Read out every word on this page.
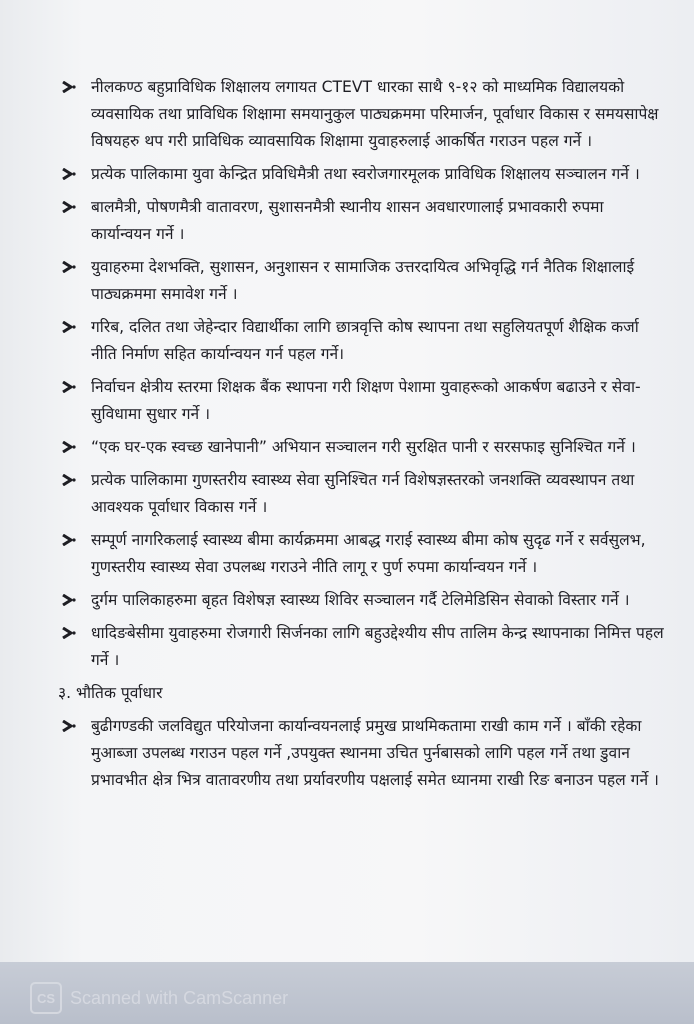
नीलकण्ठ बहुप्राविधिक शिक्षालय लगायत CTEVT धारका साथै ९-१२ को माध्यमिक विद्यालयको व्यवसायिक तथा प्राविधिक शिक्षामा समयानुकुल पाठ्यक्रममा परिमार्जन, पूर्वाधार विकास र समयसापेक्ष विषयहरु थप गरी प्राविधिक व्यावसायिक शिक्षामा युवाहरुलाई आकर्षित गराउन पहल गर्ने ।
प्रत्येक पालिकामा युवा केन्द्रित प्रविधिमैत्री तथा स्वरोजगारमूलक प्राविधिक शिक्षालय सञ्चालन गर्ने ।
बालमैत्री, पोषणमैत्री वातावरण, सुशासनमैत्री स्थानीय शासन अवधारणालाई प्रभावकारी रुपमा कार्यान्वयन गर्ने ।
युवाहरुमा देशभक्ति, सुशासन, अनुशासन र सामाजिक उत्तरदायित्व अभिवृद्धि गर्न नैतिक शिक्षालाई पाठ्यक्रममा समावेश गर्ने ।
गरिब, दलित तथा जेहेन्दार विद्यार्थीका लागि छात्रवृत्ति कोष स्थापना तथा सहुलियतपूर्ण शैक्षिक कर्जा नीति निर्माण सहित कार्यान्वयन गर्न पहल गर्ने।
निर्वाचन क्षेत्रीय स्तरमा शिक्षक बैंक स्थापना गरी शिक्षण पेशामा युवाहरूको आकर्षण बढाउने र सेवा- सुविधामा सुधार गर्ने ।
“एक घर-एक स्वच्छ खानेपानी” अभियान सञ्चालन गरी सुरक्षित पानी र सरसफाइ सुनिश्चित गर्ने ।
प्रत्येक पालिकामा गुणस्तरीय स्वास्थ्य सेवा सुनिश्चित गर्न विशेषज्ञस्तरको जनशक्ति व्यवस्थापन तथा आवश्यक पूर्वाधार विकास गर्ने ।
सम्पूर्ण नागरिकलाई स्वास्थ्य बीमा कार्यक्रममा आबद्ध गराई स्वास्थ्य बीमा कोष सुदृढ गर्ने र सर्वसुलभ, गुणस्तरीय स्वास्थ्य सेवा उपलब्ध गराउने नीति लागू र पुर्ण रुपमा कार्यान्वयन गर्ने ।
दुर्गम पालिकाहरुमा बृहत विशेषज्ञ स्वास्थ्य शिविर सञ्चालन गर्दै टेलिमेडिसिन सेवाको विस्तार गर्ने ।
धादिङबेसीमा युवाहरुमा रोजगारी सिर्जनका लागि बहुउद्देश्यीय सीप तालिम केन्द्र स्थापनाका निमित्त पहल गर्ने ।
३. भौतिक पूर्वाधार
बुढीगण्डकी जलविद्युत परियोजना कार्यान्वयनलाई प्रमुख प्राथमिकतामा राखी काम गर्ने । बाँकी रहेका मुआब्जा उपलब्ध गराउन पहल गर्ने ,उपयुक्त स्थानमा उचित पुर्नबासको लागि पहल गर्ने तथा डुवान प्रभावभीत क्षेत्र भित्र वातावरणीय तथा प्रर्यावरणीय पक्षलाई समेत ध्यानमा राखी रिङ बनाउन पहल गर्ने ।
CS Scanned with CamScanner
